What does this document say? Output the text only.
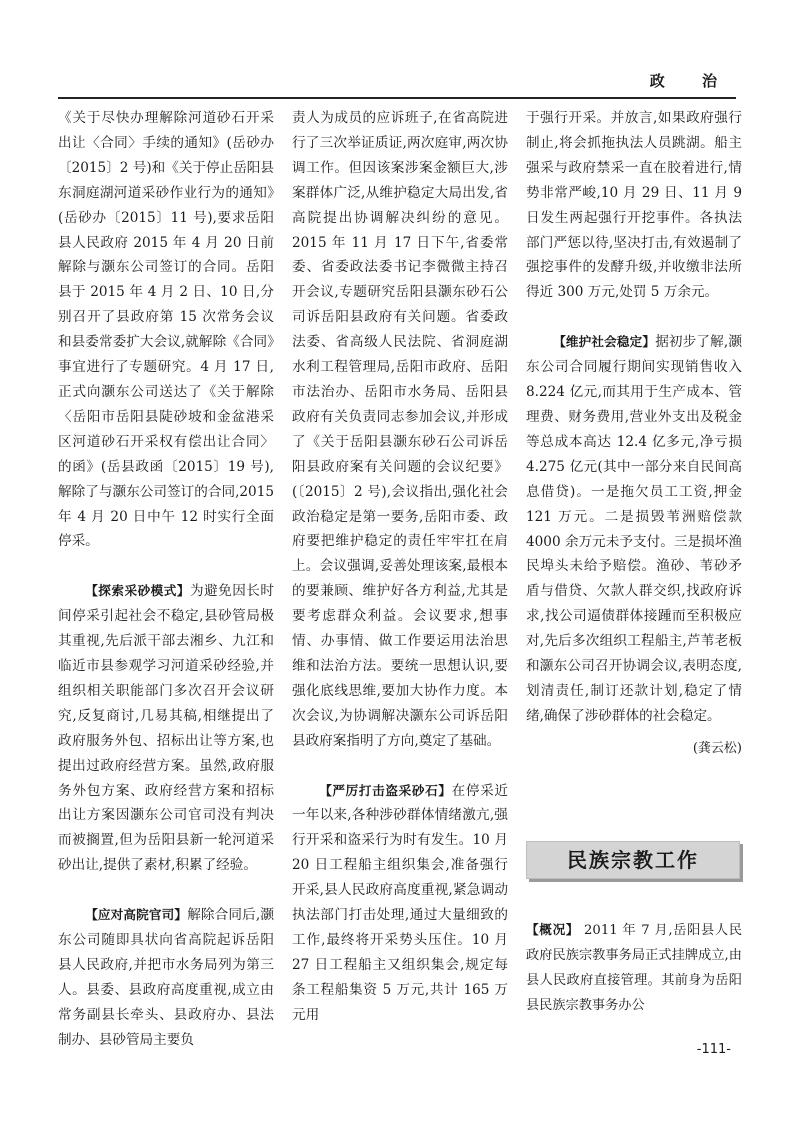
政 治

《关于尽快办理解除河道砂石开采出让〈合同〉手续的通知》(岳砂办〔2015〕2 号)和《关于停止岳阳县东洞庭湖河道采砂作业行为的通知》(岳砂办〔2015〕11 号),要求岳阳县人民政府 2015 年 4 月 20 日前解除与灏东公司签订的合同。岳阳县于 2015 年 4 月 2 日、10 日,分别召开了县政府第 15 次常务会议和县委常委扩大会议,就解除《合同》事宜进行了专题研究。4 月 17 日,正式向灏东公司送达了《关于解除〈岳阳市岳阳县陡砂坡和金盆港采区河道砂石开采权有偿出让合同〉的函》(岳县政函〔2015〕19 号),解除了与灏东公司签订的合同,2015 年 4 月 20 日中午 12 时实行全面停采。

【探索采砂模式】为避免因长时间停采引起社会不稳定,县砂管局极其重视,先后派干部去湘乡、九江和临近市县参观学习河道采砂经验,并组织相关职能部门多次召开会议研究,反复商讨,几易其稿,相继提出了政府服务外包、招标出让等方案,也提出过政府经营方案。虽然,政府服务外包方案、政府经营方案和招标出让方案因灏东公司官司没有判决而被搁置,但为岳阳县新一轮河道采砂出让,提供了素材,积累了经验。

【应对高院官司】解除合同后,灏东公司随即具状向省高院起诉岳阳县人民政府,并把市水务局列为第三人。县委、县政府高度重视,成立由常务副县长牵头、县政府办、县法制办、县砂管局主要负

责人为成员的应诉班子,在省高院进行了三次举证质证,两次庭审,两次协调工作。但因该案涉案金额巨大,涉案群体广泛,从维护稳定大局出发,省高院提出协调解决纠纷的意见。2015 年 11 月 17 日下午,省委常委、省委政法委书记李微微主持召开会议,专题研究岳阳县灏东砂石公司诉岳阳县政府有关问题。省委政法委、省高级人民法院、省洞庭湖水利工程管理局,岳阳市政府、岳阳市法治办、岳阳市水务局、岳阳县政府有关负责同志参加会议,并形成了《关于岳阳县灏东砂石公司诉岳阳县政府案有关问题的会议纪要》(〔2015〕2 号),会议指出,强化社会政治稳定是第一要务,岳阳市委、政府要把维护稳定的责任牢牢扛在肩上。会议强调,妥善处理该案,最根本的要兼顾、维护好各方利益,尤其是要考虑群众利益。会议要求,想事情、办事情、做工作要运用法治思维和法治方法。要统一思想认识,要强化底线思维,要加大协作力度。本次会议,为协调解决灏东公司诉岳阳县政府案指明了方向,奠定了基础。

【严厉打击盗采砂石】在停采近一年以来,各种涉砂群体情绪激亢,强行开采和盗采行为时有发生。10 月 20 日工程船主组织集会,准备强行开采,县人民政府高度重视,紧急调动执法部门打击处理,通过大量细致的工作,最终将开采势头压住。10 月 27 日工程船主又组织集会,规定每条工程船集资 5 万元,共计 165 万元用

于强行开采。并放言,如果政府强行制止,将会抓拖执法人员跳湖。船主强采与政府禁采一直在胶着进行,情势非常严峻,10 月 29 日、11 月 9 日发生两起强行开挖事件。各执法部门严惩以待,坚决打击,有效遏制了强挖事件的发酵升级,并收缴非法所得近 300 万元,处罚 5 万余元。

【维护社会稳定】据初步了解,灏东公司合同履行期间实现销售收入 8.224 亿元,而其用于生产成本、管理费、财务费用,营业外支出及税金等总成本高达 12.4 亿多元,净亏损 4.275 亿元(其中一部分来自民间高息借贷)。一是拖欠员工工资,押金 121 万元。二是损毁苇洲赔偿款 4000 余万元未予支付。三是损坏渔民埠头未给予赔偿。渔砂、苇砂矛盾与借贷、欠款人群交织,找政府诉求,找公司逼债群体接踵而至积极应对,先后多次组织工程船主,芦苇老板和灏东公司召开协调会议,表明态度,划清责任,制订还款计划,稳定了情绪,确保了涉砂群体的社会稳定。

(龚云松)
民族宗教工作

【概况】 2011 年 7 月,岳阳县人民政府民族宗教事务局正式挂牌成立,由县人民政府直接管理。其前身为岳阳县民族宗教事务办公

-111-
